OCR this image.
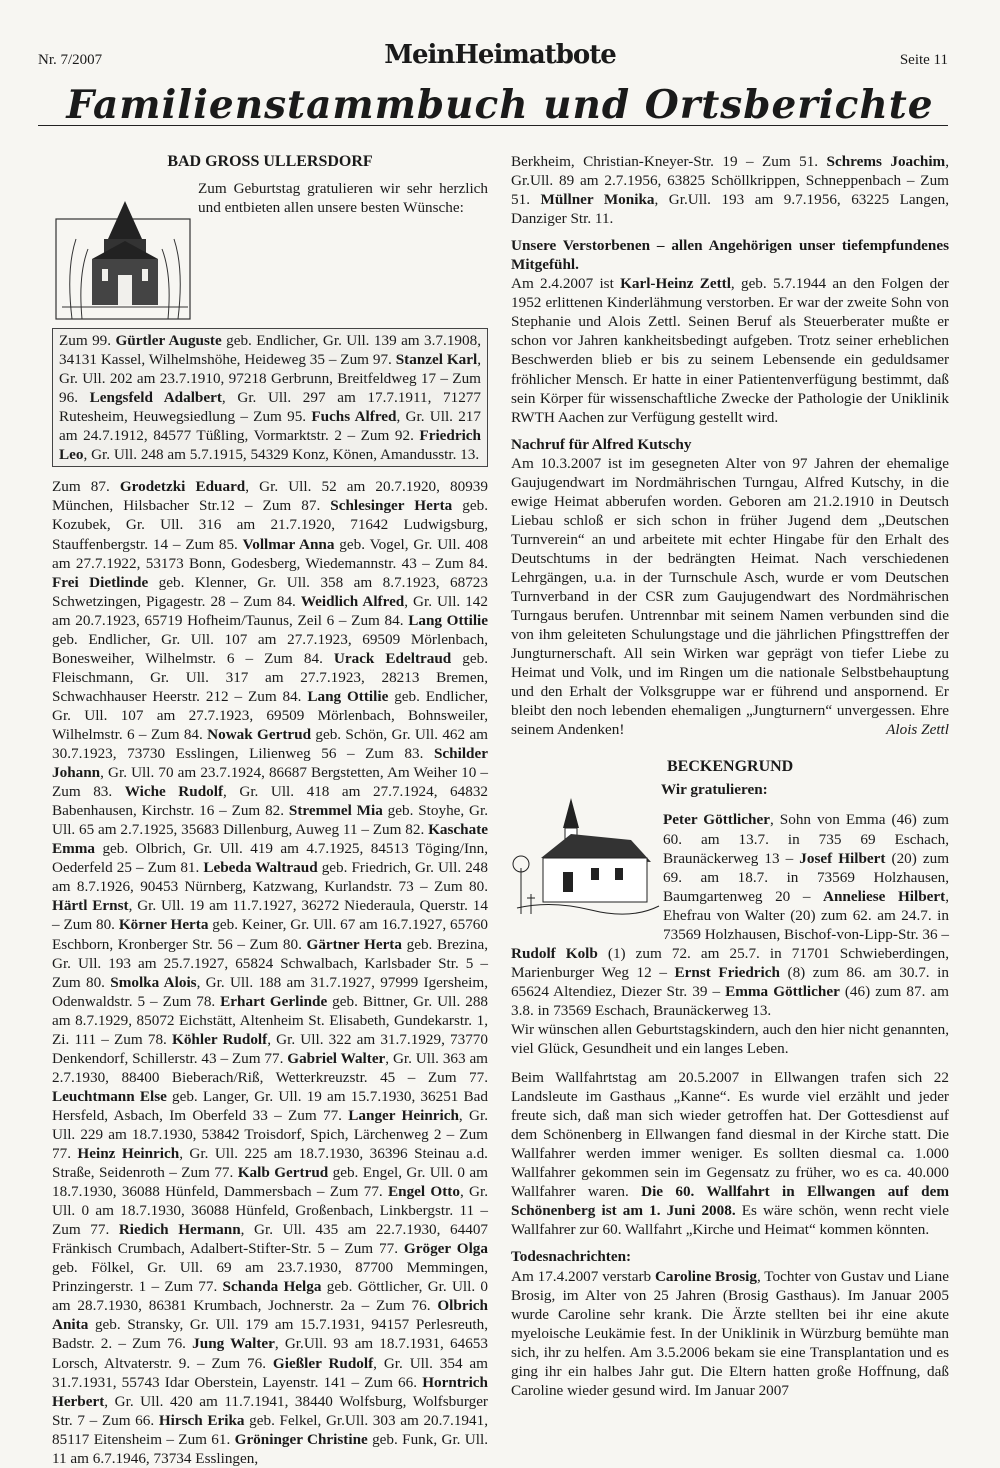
Nr. 7/2007	MeinHeimatbote	Seite 11
Familienstammbuch und Ortsberichte
BAD GROSS ULLERSDORF

Zum Geburtstag gratulieren wir sehr herzlich und entbieten allen unsere besten Wünsche:

Zum 99. Gürtler Auguste geb. Endlicher, Gr. Ull. 139 am 3.7.1908, 34131 Kassel, Wilhelmshöhe, Heideweg 35 – Zum 97. Stanzel Karl, Gr. Ull. 202 am 23.7.1910, 97218 Gerbrunn, Breitfeldweg 17 – Zum 96. Lengsfeld Adalbert, Gr. Ull. 297 am 17.7.1911, 71277 Rutesheim, Heuwegsiedlung – Zum 95. Fuchs Alfred, Gr. Ull. 217 am 24.7.1912, 84577 Tüßling, Vormarktstr. 2 – Zum 92. Friedrich Leo, Gr. Ull. 248 am 5.7.1915, 54329 Konz, Könen, Amandusstr. 13.

Zum 87. Grodetzki Eduard, Gr. Ull. 52 am 20.7.1920, 80939 München, Hilsbacher Str.12 – Zum 87. Schlesinger Herta geb. Kozubek, Gr. Ull. 316 am 21.7.1920, 71642 Ludwigsburg, Stauffenbergstr. 14 – Zum 85. Vollmar Anna geb. Vogel, Gr. Ull. 408 am 27.7.1922, 53173 Bonn, Godesberg, Wiedemannstr. 43 – Zum 84. Frei Dietlinde geb. Klenner, Gr. Ull. 358 am 8.7.1923, 68723 Schwetzingen, Pigagestr. 28 – Zum 84. Weidlich Alfred, Gr. Ull. 142 am 20.7.1923, 65719 Hofheim/Taunus, Zeil 6 – Zum 84. Lang Ottilie geb. Endlicher, Gr. Ull. 107 am 27.7.1923, 69509 Mörlenbach, Bonesweiher, Wilhelmstr. 6 – Zum 84. Urack Edeltraud geb. Fleischmann, Gr. Ull. 317 am 27.7.1923, 28213 Bremen, Schwachhauser Heerstr. 212 – Zum 84. Lang Ottilie geb. Endlicher, Gr. Ull. 107 am 27.7.1923, 69509 Mörlenbach, Bohnsweiler, Wilhelmstr. 6 – Zum 84. Nowak Gertrud geb. Schön, Gr. Ull. 462 am 30.7.1923, 73730 Esslingen, Lilienweg 56 – Zum 83. Schilder Johann, Gr. Ull. 70 am 23.7.1924, 86687 Bergstetten, Am Weiher 10 – Zum 83. Wiche Rudolf, Gr. Ull. 418 am 27.7.1924, 64832 Babenhausen, Kirchstr. 16 – Zum 82. Stremmel Mia geb. Stoyhe, Gr. Ull. 65 am 2.7.1925, 35683 Dillenburg, Auweg 11 – Zum 82. Kaschate Emma geb. Olbrich, Gr. Ull. 419 am 4.7.1925, 84513 Töging/Inn, Oederfeld 25 – Zum 81. Lebeda Waltraud geb. Friedrich, Gr. Ull. 248 am 8.7.1926, 90453 Nürnberg, Katzwang, Kurlandstr. 73 – Zum 80. Härtl Ernst, Gr. Ull. 19 am 11.7.1927, 36272 Niederaula, Querstr. 14 – Zum 80. Körner Herta geb. Keiner, Gr. Ull. 67 am 16.7.1927, 65760 Eschborn, Kronberger Str. 56 – Zum 80. Gärtner Herta geb. Brezina, Gr. Ull. 193 am 25.7.1927, 65824 Schwalbach, Karlsbader Str. 5 – Zum 80. Smolka Alois, Gr. Ull. 188 am 31.7.1927, 97999 Igersheim, Odenwaldstr. 5 – Zum 78. Erhart Gerlinde geb. Bittner, Gr. Ull. 288 am 8.7.1929, 85072 Eichstätt, Altenheim St. Elisabeth, Gundekarstr. 1, Zi. 111 – Zum 78. Köhler Rudolf, Gr. Ull. 322 am 31.7.1929, 73770 Denkendorf, Schillerstr. 43 – Zum 77. Gabriel Walter, Gr. Ull. 363 am 2.7.1930, 88400 Bieberach/Riß, Wetterkreuzstr. 45 – Zum 77. Leuchtmann Else geb. Langer, Gr. Ull. 19 am 15.7.1930, 36251 Bad Hersfeld, Asbach, Im Oberfeld 33 – Zum 77. Langer Heinrich, Gr. Ull. 229 am 18.7.1930, 53842 Troisdorf, Spich, Lärchenweg 2 – Zum 77. Heinz Heinrich, Gr. Ull. 225 am 18.7.1930, 36396 Steinau a.d. Straße, Seidenroth – Zum 77. Kalb Gertrud geb. Engel, Gr. Ull. 0 am 18.7.1930, 36088 Hünfeld, Dammersbach – Zum 77. Engel Otto, Gr. Ull. 0 am 18.7.1930, 36088 Hünfeld, Großenbach, Linkbergstr. 11 – Zum 77. Riedich Hermann, Gr. Ull. 435 am 22.7.1930, 64407 Fränkisch Crumbach, Adalbert-Stifter-Str. 5 – Zum 77. Gröger Olga geb. Fölkel, Gr. Ull. 69 am 23.7.1930, 87700 Memmingen, Prinzingerstr. 1 – Zum 77. Schanda Helga geb. Göttlicher, Gr. Ull. 0 am 28.7.1930, 86381 Krumbach, Jochnerstr. 2a – Zum 76. Olbrich Anita geb. Stransky, Gr. Ull. 179 am 15.7.1931, 94157 Perlesreuth, Badstr. 2. – Zum 76. Jung Walter, Gr.Ull. 93 am 18.7.1931, 64653 Lorsch, Altvaterstr. 9. – Zum 76. Gießler Rudolf, Gr. Ull. 354 am 31.7.1931, 55743 Idar Oberstein, Layenstr. 141 – Zum 66. Horntrich Herbert, Gr. Ull. 420 am 11.7.1941, 38440 Wolfsburg, Wolfsburger Str. 7 – Zum 66. Hirsch Erika geb. Felkel, Gr.Ull. 303 am 20.7.1941, 85117 Eitensheim – Zum 61. Gröninger Christine geb. Funk, Gr. Ull. 11 am 6.7.1946, 73734 Esslingen,

Berkheim, Christian-Kneyer-Str. 19 – Zum 51. Schrems Joachim, Gr.Ull. 89 am 2.7.1956, 63825 Schöllkrippen, Schneppenbach – Zum 51. Müllner Monika, Gr.Ull. 193 am 9.7.1956, 63225 Langen, Danziger Str. 11.

Unsere Verstorbenen – allen Angehörigen unser tiefempfundenes Mitgefühl.

Am 2.4.2007 ist Karl-Heinz Zettl, geb. 5.7.1944 an den Folgen der 1952 erlittenen Kinderlähmung verstorben. Er war der zweite Sohn von Stephanie und Alois Zettl. Seinen Beruf als Steuerberater mußte er schon vor Jahren kankheitsbedingt aufgeben. Trotz seiner erheblichen Beschwerden blieb er bis zu seinem Lebensende ein geduldsamer fröhlicher Mensch. Er hatte in einer Patientenverfügung bestimmt, daß sein Körper für wissenschaftliche Zwecke der Pathologie der Uniklinik RWTH Aachen zur Verfügung gestellt wird.

Nachruf für Alfred Kutschy

Am 10.3.2007 ist im gesegneten Alter von 97 Jahren der ehemalige Gaujugendwart im Nordmährischen Turngau, Alfred Kutschy, in die ewige Heimat abberufen worden. Geboren am 21.2.1910 in Deutsch Liebau schloß er sich schon in früher Jugend dem „Deutschen Turnverein“ an und arbeitete mit echter Hingabe für den Erhalt des Deutschtums in der bedrängten Heimat. Nach verschiedenen Lehrgängen, u.a. in der Turnschule Asch, wurde er vom Deutschen Turnverband in der CSR zum Gaujugendwart des Nordmährischen Turngaus berufen. Untrennbar mit seinem Namen verbunden sind die von ihm geleiteten Schulungstage und die jährlichen Pfingsttreffen der Jungturnerschaft. All sein Wirken war geprägt von tiefer Liebe zu Heimat und Volk, und im Ringen um die nationale Selbstbehauptung und den Erhalt der Volksgruppe war er führend und anspornend. Er bleibt den noch lebenden ehemaligen „Jungturnern“ unvergessen. Ehre seinem Andenken!	Alois Zettl

BECKENGRUND
Wir gratulieren:

Peter Göttlicher, Sohn von Emma (46) zum 60. am 13.7. in 735 69 Eschach, Braunäckerweg 13 – Josef Hilbert (20) zum 69. am 18.7. in 73569 Holzhausen, Baumgartenweg 20 – Anneliese Hilbert, Ehefrau von Walter (20) zum 62. am 24.7. in 73569 Holzhausen, Bischof-von-Lipp-Str. 36 – Rudolf Kolb (1) zum 72. am 25.7. in 71701 Schwieberdingen, Marienburger Weg 12 – Ernst Friedrich (8) zum 86. am 30.7. in 65624 Altendiez, Diezer Str. 39 – Emma Göttlicher (46) zum 87. am 3.8. in 73569 Eschach, Braunäckerweg 13.

Wir wünschen allen Geburtstagskindern, auch den hier nicht genannten, viel Glück, Gesundheit und ein langes Leben.

Beim Wallfahrtstag am 20.5.2007 in Ellwangen trafen sich 22 Landsleute im Gasthaus „Kanne“. Es wurde viel erzählt und jeder freute sich, daß man sich wieder getroffen hat. Der Gottesdienst auf dem Schönenberg in Ellwangen fand diesmal in der Kirche statt. Die Wallfahrer werden immer weniger. Es sollten diesmal ca. 1.000 Wallfahrer gekommen sein im Gegensatz zu früher, wo es ca. 40.000 Wallfahrer waren. Die 60. Wallfahrt in Ellwangen auf dem Schönenberg ist am 1. Juni 2008. Es wäre schön, wenn recht viele Wallfahrer zur 60. Wallfahrt „Kirche und Heimat“ kommen könnten.

Todesnachrichten:

Am 17.4.2007 verstarb Caroline Brosig, Tochter von Gustav und Liane Brosig, im Alter von 25 Jahren (Brosig Gasthaus). Im Januar 2005 wurde Caroline sehr krank. Die Ärzte stellten bei ihr eine akute myeloische Leukämie fest. In der Uniklinik in Würzburg bemühte man sich, ihr zu helfen. Am 3.5.2006 bekam sie eine Transplantation und es ging ihr ein halbes Jahr gut. Die Eltern hatten große Hoffnung, daß Caroline wieder gesund wird. Im Januar 2007
